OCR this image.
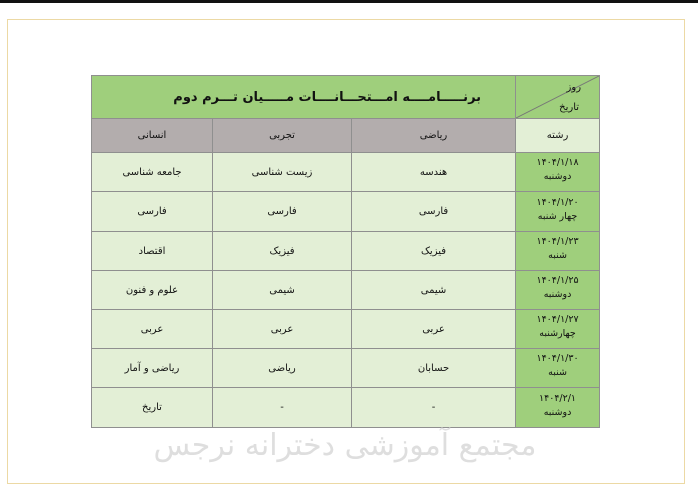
برنـــــامــــه امـــتحـــانــــات مـــــيان تـــرم دوم			روز
تاریخ

انسانی	تجربی	ریاضی	رشته
جامعه شناسی	زیست شناسی	هندسه	۱۴۰۴/۱/۱۸
دوشنبه

فارسی	فارسی	فارسی	۱۴۰۴/۱/۲۰
چهار شنبه

اقتصاد	فیزیک	فیزیک	۱۴۰۴/۱/۲۳
شنبه

علوم و فنون	شیمی	شیمی	۱۴۰۴/۱/۲۵
دوشنبه

عربی	عربی	عربی	۱۴۰۴/۱/۲۷
چهارشنبه

ریاضی و آمار	ریاضی	حسابان	۱۴۰۴/۱/۳۰
شنبه

تاریخ	-	-	۱۴۰۴/۲/۱
دوشنبه
مجتمع آموزشی دخترانه نرجس
